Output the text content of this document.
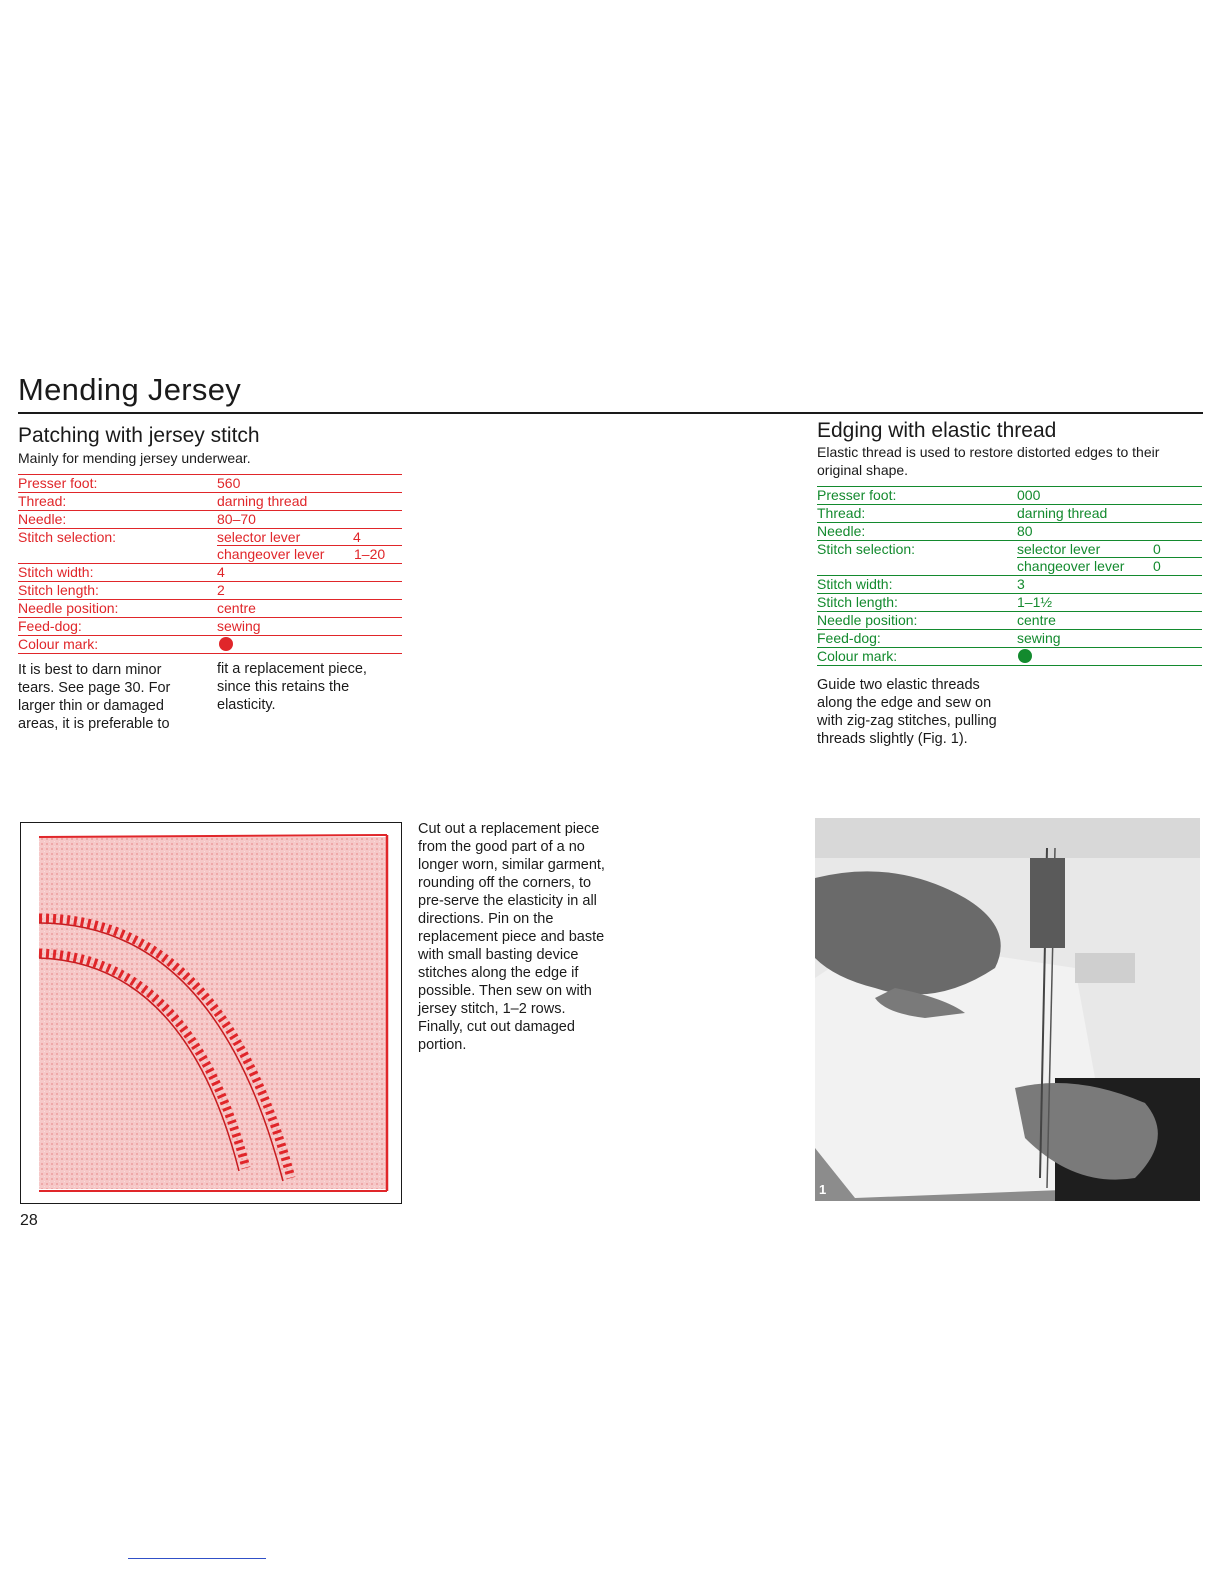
Mending Jersey
Patching with jersey stitch
Mainly for mending jersey underwear.
Presser foot:	560
Thread:	darning thread
Needle:	80–70
Stitch selection:	selector lever	4
changeover lever 1–20
Stitch width:	4
Stitch length:	2
Needle position:	centre
Feed-dog:	sewing
Colour mark:
It is best to darn minor tears. See page 30. For larger thin or damaged areas, it is preferable to
fit a replacement piece, since this retains the elasticity.
Cut out a replacement piece from the good part of a no longer worn, similar garment, rounding off the corners, to pre-serve the elasticity in all directions. Pin on the replacement piece and baste with small basting device stitches along the edge if possible. Then sew on with jersey stitch, 1–2 rows. Finally, cut out damaged portion.
28
Edging with elastic thread
Elastic thread is used to restore distorted edges to their original shape.
Presser foot:	000
Thread:	darning thread
Needle:	80
Stitch selection:	selector lever	0
changeover lever 0
Stitch width:	3
Stitch length:	1–1½
Needle position:	centre
Feed-dog:	sewing
Colour mark:
Guide two elastic threads along the edge and sew on with zig-zag stitches, pulling threads slightly (Fig. 1).
1
